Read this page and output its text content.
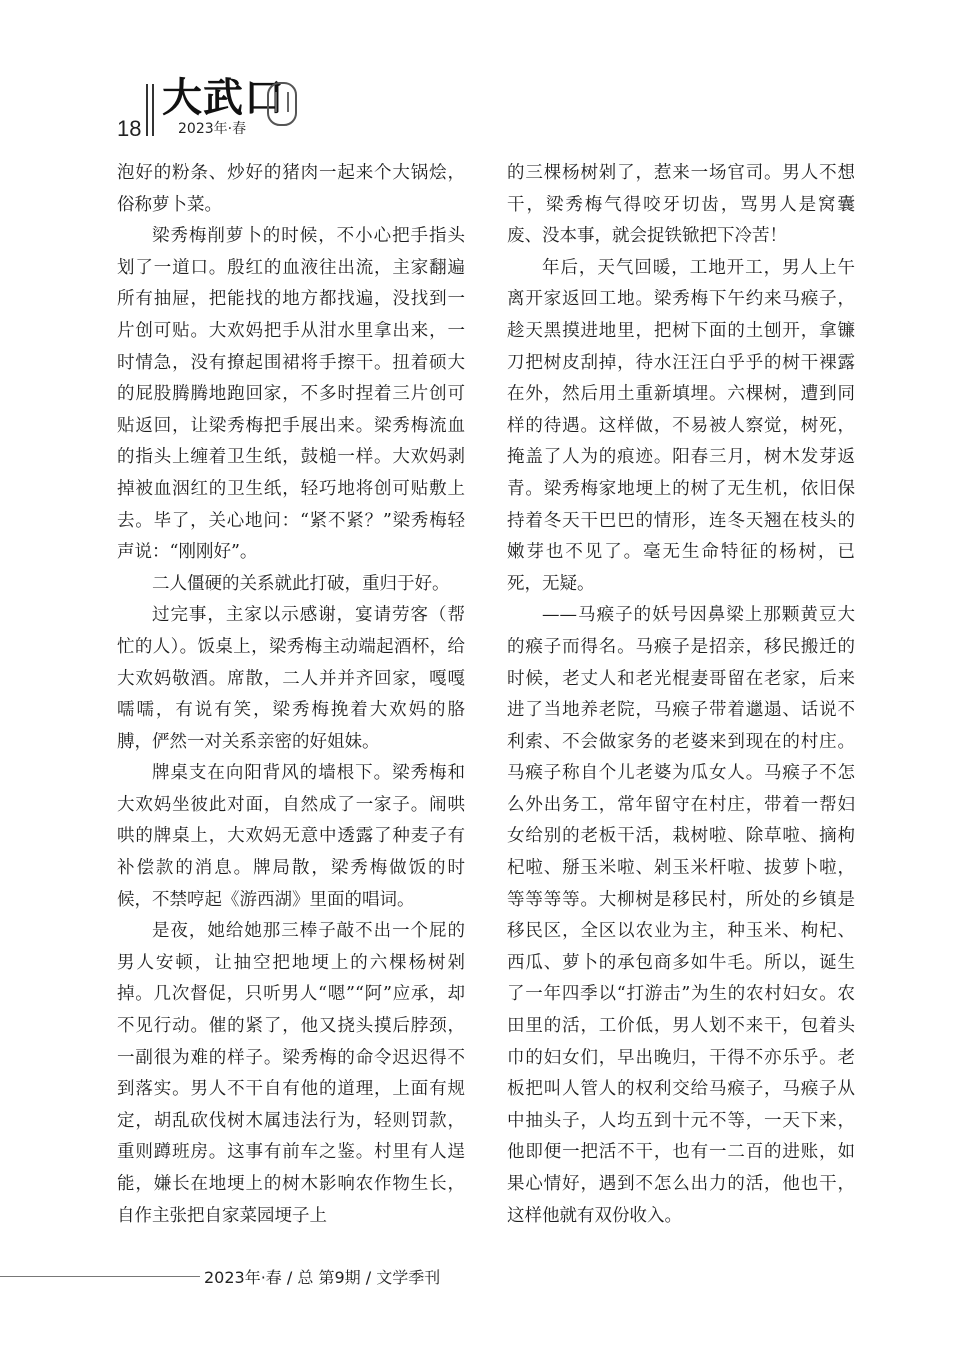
18
大武口
2023年·春

泡好的粉条、炒好的猪肉一起来个大锅烩，俗称萝卜菜。

梁秀梅削萝卜的时候，不小心把手指头划了一道口。殷红的血液往出流，主家翻遍所有抽屉，把能找的地方都找遍，没找到一片创可贴。大欢妈把手从泔水里拿出来，一时情急，没有撩起围裙将手擦干。扭着硕大的屁股腾腾地跑回家，不多时捏着三片创可贴返回，让梁秀梅把手展出来。梁秀梅流血的指头上缠着卫生纸，鼓槌一样。大欢妈剥掉被血洇红的卫生纸，轻巧地将创可贴敷上去。毕了，关心地问：“紧不紧？”梁秀梅轻声说：“刚刚好”。

二人僵硬的关系就此打破，重归于好。

过完事，主家以示感谢，宴请劳客（帮忙的人）。饭桌上，梁秀梅主动端起酒杯，给大欢妈敬酒。席散，二人并并齐回家，嘎嘎嚅嚅，有说有笑，梁秀梅挽着大欢妈的胳膊，俨然一对关系亲密的好姐妹。

牌桌支在向阳背风的墙根下。梁秀梅和大欢妈坐彼此对面，自然成了一家子。闹哄哄的牌桌上，大欢妈无意中透露了种麦子有补偿款的消息。牌局散，梁秀梅做饭的时候，不禁哼起《游西湖》里面的唱词。

是夜，她给她那三棒子敲不出一个屁的男人安顿，让抽空把地埂上的六棵杨树剁掉。几次督促，只听男人“嗯”“阿”应承，却不见行动。催的紧了，他又挠头摸后脖颈，一副很为难的样子。梁秀梅的命令迟迟得不到落实。男人不干自有他的道理，上面有规定，胡乱砍伐树木属违法行为，轻则罚款，重则蹲班房。这事有前车之鉴。村里有人逞能，嫌长在地埂上的树木影响农作物生长，自作主张把自家菜园埂子上

的三棵杨树剁了，惹来一场官司。男人不想干，梁秀梅气得咬牙切齿，骂男人是窝囊废、没本事，就会捉铁锨把下冷苦！

年后，天气回暖，工地开工，男人上午离开家返回工地。梁秀梅下午约来马瘊子，趁天黑摸进地里，把树下面的土刨开，拿镰刀把树皮刮掉，待水汪汪白乎乎的树干裸露在外，然后用土重新填埋。六棵树，遭到同样的待遇。这样做，不易被人察觉，树死，掩盖了人为的痕迹。阳春三月，树木发芽返青。梁秀梅家地埂上的树了无生机，依旧保持着冬天干巴巴的情形，连冬天翘在枝头的嫩芽也不见了。毫无生命特征的杨树，已死，无疑。

——马瘊子的妖号因鼻梁上那颗黄豆大的瘊子而得名。马瘊子是招亲，移民搬迁的时候，老丈人和老光棍妻哥留在老家，后来进了当地养老院，马瘊子带着邋遢、话说不利索、不会做家务的老婆来到现在的村庄。马瘊子称自个儿老婆为瓜女人。马瘊子不怎么外出务工，常年留守在村庄，带着一帮妇女给别的老板干活，栽树啦、除草啦、摘枸杞啦、掰玉米啦、剁玉米杆啦、拔萝卜啦，等等等等。大柳树是移民村，所处的乡镇是移民区，全区以农业为主，种玉米、枸杞、西瓜、萝卜的承包商多如牛毛。所以，诞生了一年四季以“打游击”为生的农村妇女。农田里的活，工价低，男人划不来干，包着头巾的妇女们，早出晚归，干得不亦乐乎。老板把叫人管人的权利交给马瘊子，马瘊子从中抽头子，人均五到十元不等，一天下来，他即便一把活不干，也有一二百的进账，如果心情好，遇到不怎么出力的活，他也干，这样他就有双份收入。

2023年·春 / 总 第9期 / 文学季刊
